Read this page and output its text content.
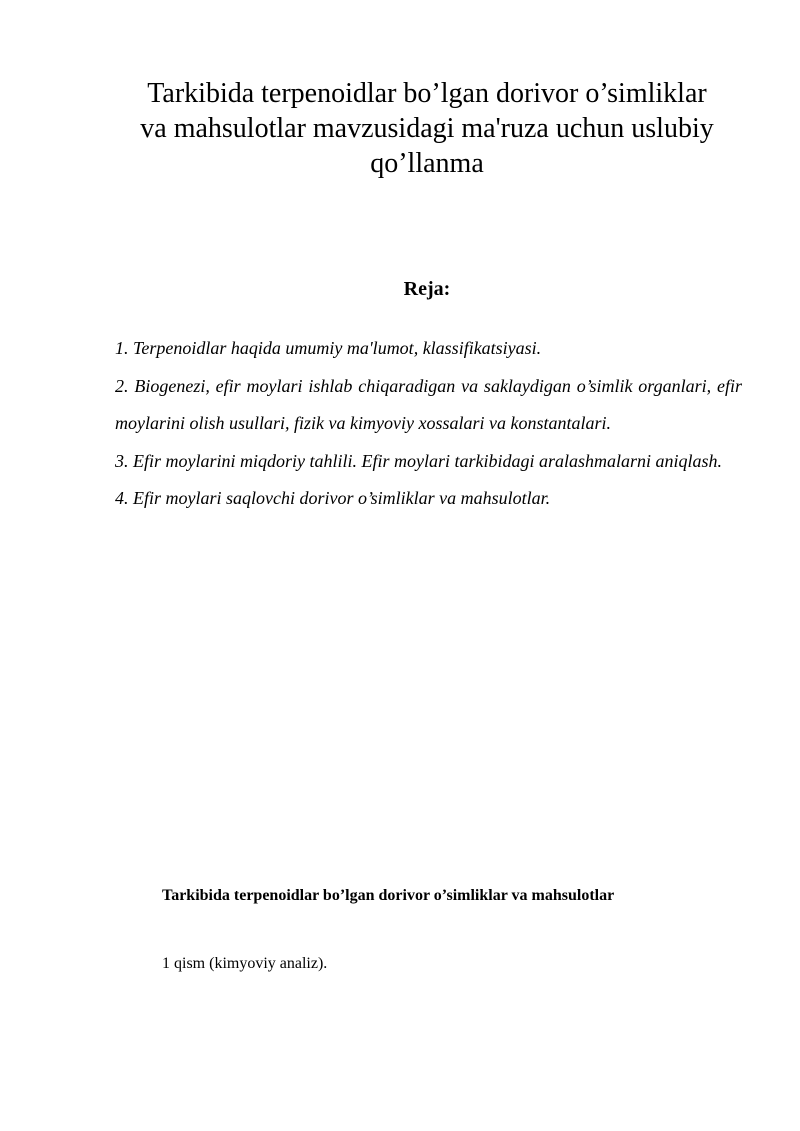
Tarkibida terpenoidlar bo’lgan dorivor o’simliklar
va mahsulotlar mavzusidagi ma'ruza uchun uslubiy
qo’llanma
Reja:
1. Terpenoidlar haqida umumiy ma'lumot, klassifikatsiyasi.
2. Biogenezi, efir moylari ishlab chiqaradigan va saklaydigan o’simlik organlari, efir moylarini olish usullari, fizik va kimyoviy xossalari va konstantalari.
3. Efir moylarini miqdoriy tahlili. Efir moylari tarkibidagi aralashmalarni aniqlash.
4. Efir moylari saqlovchi dorivor o’simliklar va mahsulotlar.

Tarkibida terpenoidlar bo’lgan dorivor o’simliklar va mahsulotlar

1 qism (kimyoviy analiz).
